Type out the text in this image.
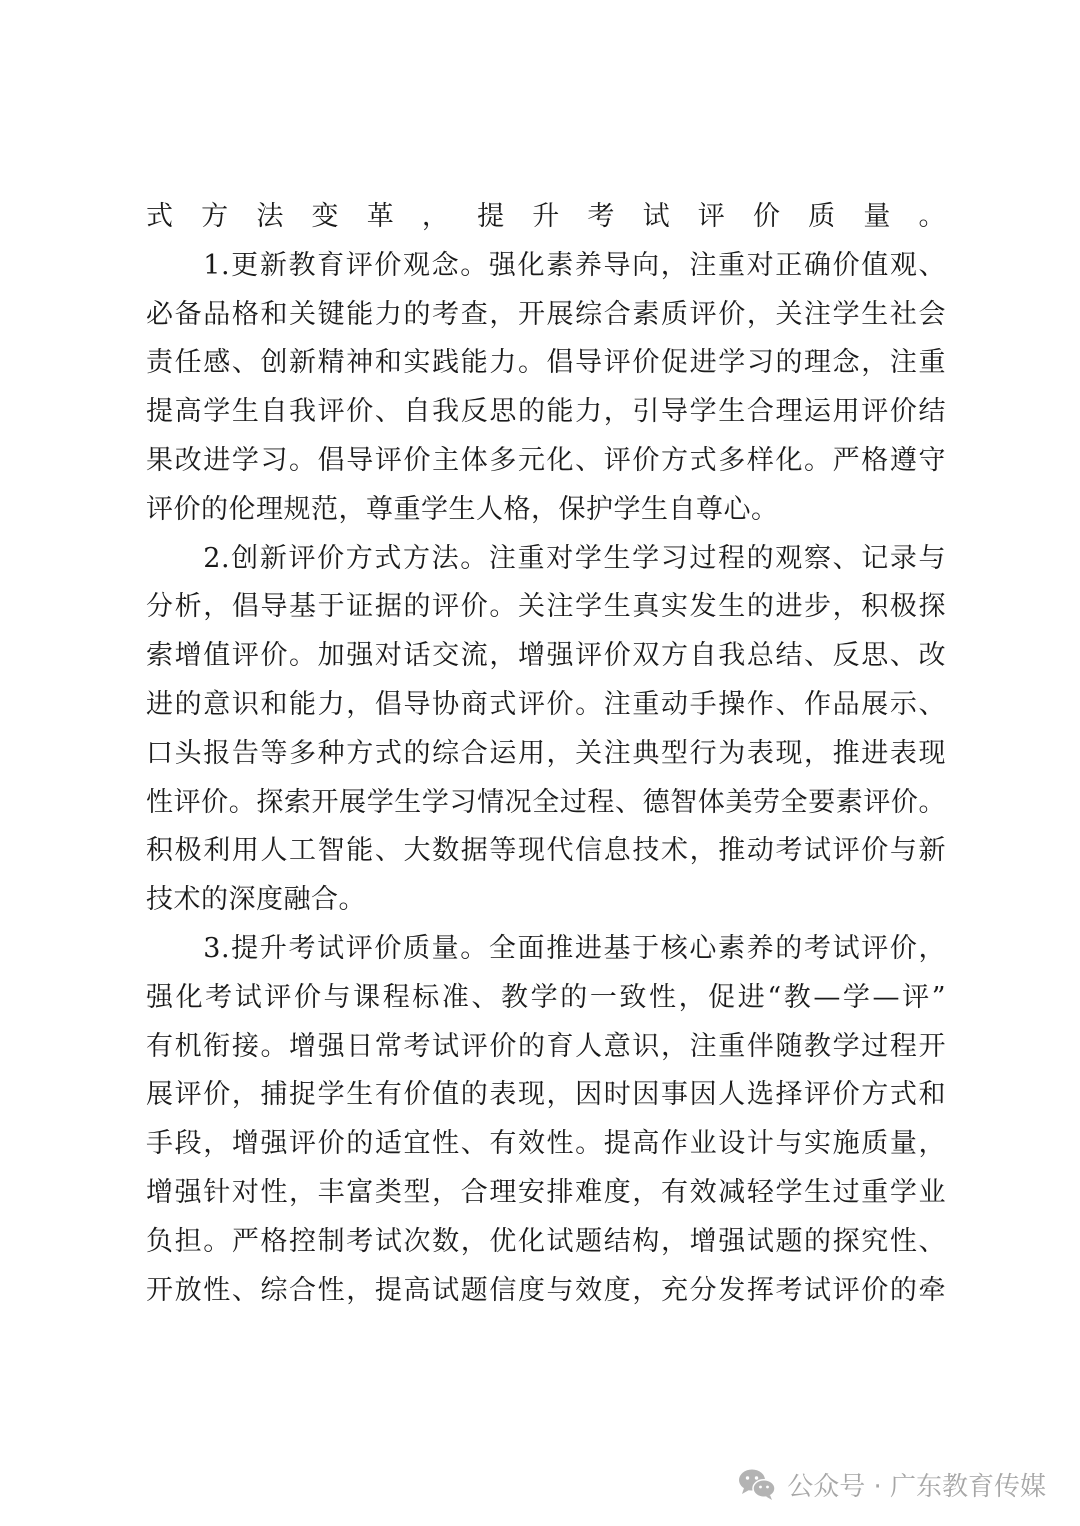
式方法变革，提升考试评价质量。
　　1.更新教育评价观念。强化素养导向，注重对正确价值观、
必备品格和关键能力的考查，开展综合素质评价，关注学生社会
责任感、创新精神和实践能力。倡导评价促进学习的理念，注重
提高学生自我评价、自我反思的能力，引导学生合理运用评价结
果改进学习。倡导评价主体多元化、评价方式多样化。严格遵守
评价的伦理规范，尊重学生人格，保护学生自尊心。
　　2.创新评价方式方法。注重对学生学习过程的观察、记录与
分析，倡导基于证据的评价。关注学生真实发生的进步，积极探
索增值评价。加强对话交流，增强评价双方自我总结、反思、改
进的意识和能力，倡导协商式评价。注重动手操作、作品展示、
口头报告等多种方式的综合运用，关注典型行为表现，推进表现
性评价。探索开展学生学习情况全过程、德智体美劳全要素评价。
积极利用人工智能、大数据等现代信息技术，推动考试评价与新
技术的深度融合。
　　3.提升考试评价质量。全面推进基于核心素养的考试评价，
强化考试评价与课程标准、教学的一致性，促进“教—学—评”
有机衔接。增强日常考试评价的育人意识，注重伴随教学过程开
展评价，捕捉学生有价值的表现，因时因事因人选择评价方式和
手段，增强评价的适宜性、有效性。提高作业设计与实施质量，
增强针对性，丰富类型，合理安排难度，有效减轻学生过重学业
负担。严格控制考试次数，优化试题结构，增强试题的探究性、
开放性、综合性，提高试题信度与效度，充分发挥考试评价的牵
公众号 · 广东教育传媒
